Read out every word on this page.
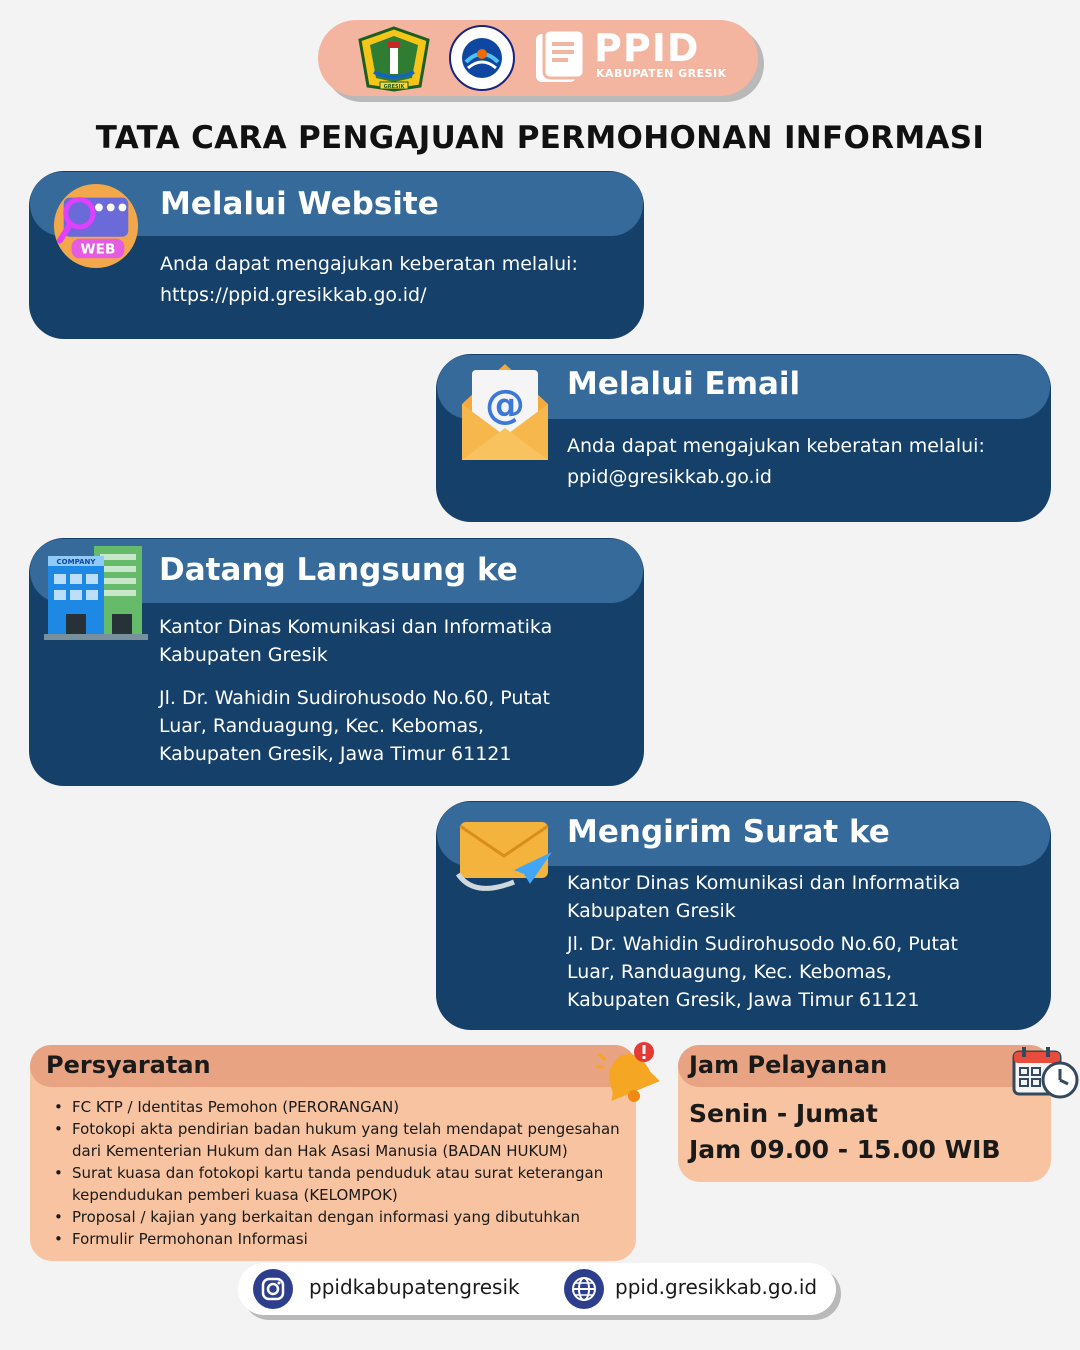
GRESIK
PPID
KABUPATEN GRESIK
TATA CARA PENGAJUAN PERMOHONAN INFORMASI
Melalui Website
Anda dapat mengajukan keberatan melalui:
https://ppid.gresikkab.go.id/
WEB
Melalui Email
Anda dapat mengajukan keberatan melalui:
ppid@gresikkab.go.id
@
Datang Langsung ke
Kantor Dinas Komunikasi dan Informatika
Kabupaten Gresik
Jl. Dr. Wahidin Sudirohusodo No.60, Putat
Luar, Randuagung, Kec. Kebomas,
Kabupaten Gresik, Jawa Timur 61121
COMPANY
Mengirim Surat ke
Kantor Dinas Komunikasi dan Informatika
Kabupaten Gresik
Jl. Dr. Wahidin Sudirohusodo No.60, Putat
Luar, Randuagung, Kec. Kebomas,
Kabupaten Gresik, Jawa Timur 61121
Persyaratan
• FC KTP / Identitas Pemohon (PERORANGAN)
• Fotokopi akta pendirian badan hukum yang telah mendapat pengesahan
dari Kementerian Hukum dan Hak Asasi Manusia (BADAN HUKUM)
• Surat kuasa dan fotokopi kartu tanda penduduk atau surat keterangan
kependudukan pemberi kuasa (KELOMPOK)
• Proposal / kajian yang berkaitan dengan informasi yang dibutuhkan
• Formulir Permohonan Informasi
Jam Pelayanan
Senin - Jumat
Jam 09.00 - 15.00 WIB
ppidkabupatengresik	ppid.gresikkab.go.id
